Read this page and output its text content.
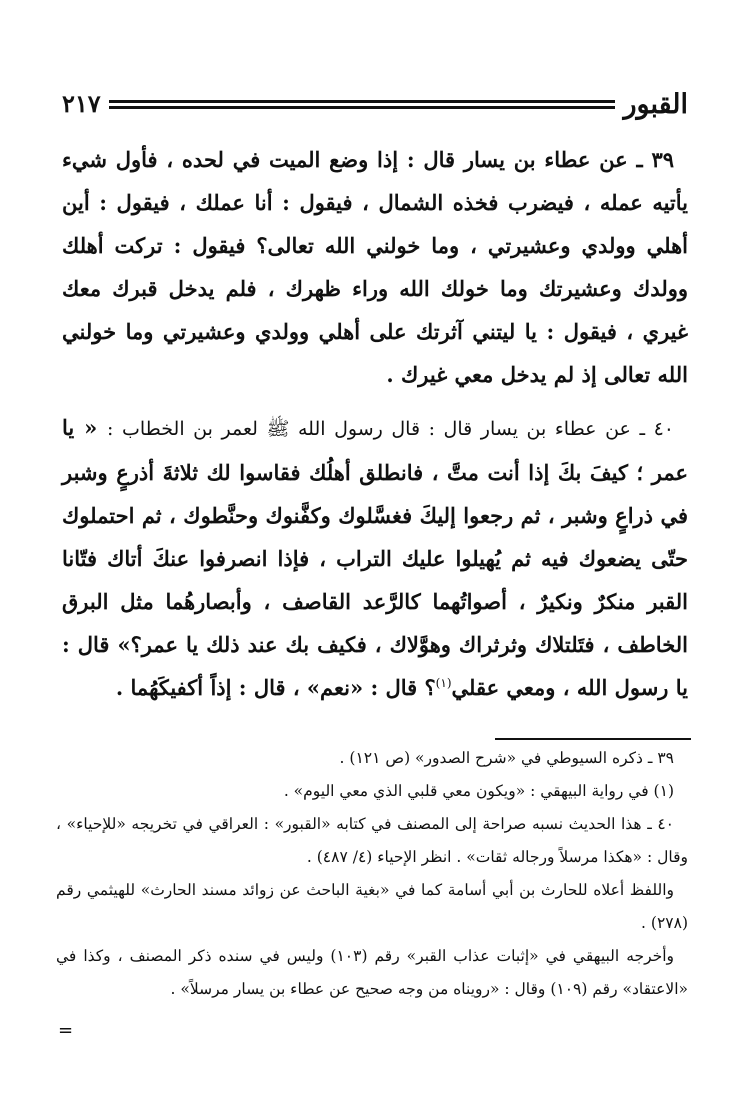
القبور
٢١٧

٣٩ ـ عن عطاء بن يسار قال : إذا وضع الميت في لحده ، فأول شيء يأتيه عمله ، فيضرب فخذه الشمال ، فيقول : أنا عملك ، فيقول : أين أهلي وولدي وعشيرتي ، وما خولني الله تعالى؟ فيقول : تركت أهلك وولدك وعشيرتك وما خولك الله وراء ظهرك ، فلم يدخل قبرك معك غيري ، فيقول : يا ليتني آثرتك على أهلي وولدي وعشيرتي وما خولني الله تعالى إذ لم يدخل معي غيرك .

٤٠ ـ عن عطاء بن يسار قال : قال رسول الله ﷺ لعمر بن الخطاب : « يا عمر ؛ كيفَ بكَ إذا أنت متَّ ، فانطلق أهلُك فقاسوا لك ثلاثةَ أذرعٍ وشبر في ذراعٍ وشبر ، ثم رجعوا إليكَ فغسَّلوك وكفَّنوك وحنَّطوك ، ثم احتملوك حتّى يضعوك فيه ثم يُهيلوا عليك التراب ، فإذا انصرفوا عنكَ أتاك فتّانا القبر منكرٌ ونكيرٌ ، أصواتُهما كالرَّعد القاصف ، وأبصارهُما مثل البرق الخاطف ، فتَلتلاك وثرثراك وهوَّلاك ، فكيف بك عند ذلك يا عمر؟» قال : يا رسول الله ، ومعي عقلي$^{(١)}$؟ قال : «نعم» ، قال : إذاً أكفيكَهُما .

٣٩ ـ ذكره السيوطي في «شرح الصدور» (ص ١٢١) .

(١) في رواية البيهقي : «ويكون معي قلبي الذي معي اليوم» .

٤٠ ـ هذا الحديث نسبه صراحة إلى المصنف في كتابه «القبور» : العراقي في تخريجه «للإحياء» ، وقال : «هكذا مرسلاً ورجاله ثقات» . انظر الإحياء (٤/ ٤٨٧) .

واللفظ أعلاه للحارث بن أبي أسامة كما في «بغية الباحث عن زوائد مسند الحارث» للهيثمي رقم (٢٧٨) .

وأخرجه البيهقي في «إثبات عذاب القبر» رقم (١٠٣) وليس في سنده ذكر المصنف ، وكذا في «الاعتقاد» رقم (١٠٩) وقال : «رويناه من وجه صحيح عن عطاء بن يسار مرسلاً» .

=
